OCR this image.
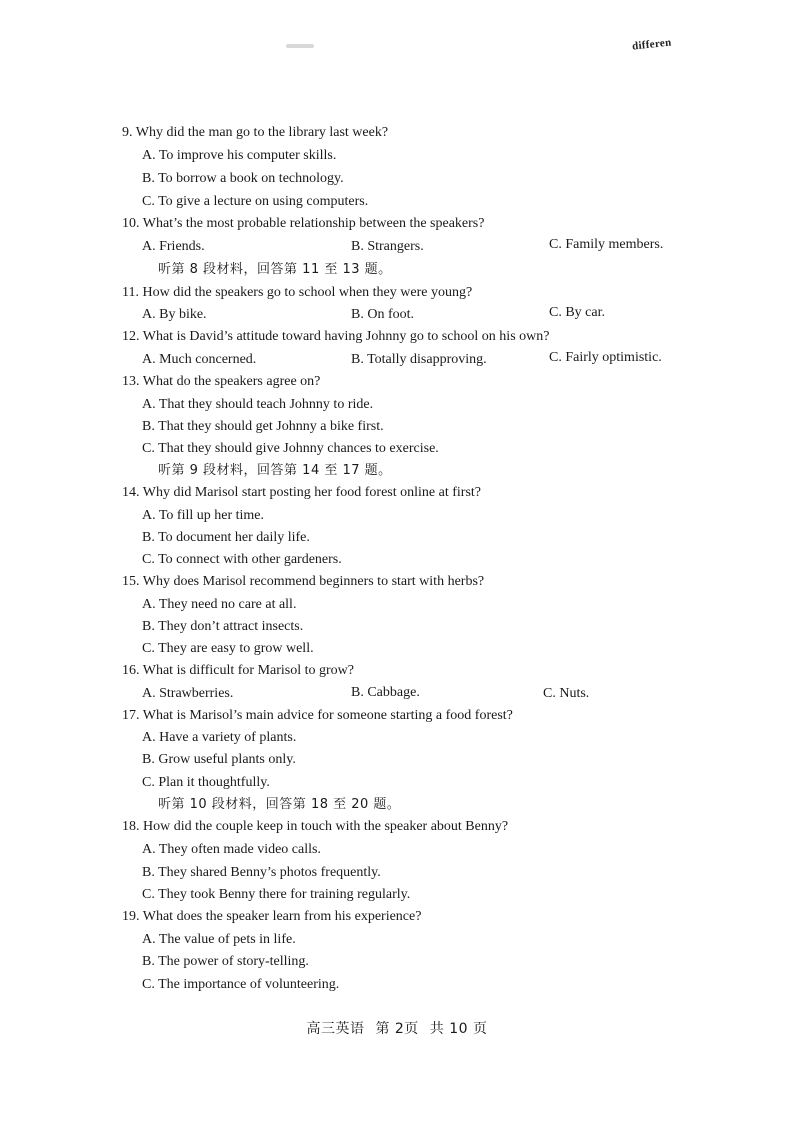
differen
9. Why did the man go to the library last week?
A. To improve his computer skills.
B. To borrow a book on technology.
C. To give a lecture on using computers.
10. What’s the most probable relationship between the speakers?
A. Friends.	B. Strangers.	C. Family members.
听第 8 段材料，回答第 11 至 13 题。
11. How did the speakers go to school when they were young?
A. By bike.	B. On foot.	C. By car.
12. What is David’s attitude toward having Johnny go to school on his own?
A. Much concerned.	B. Totally disapproving.	C. Fairly optimistic.
13. What do the speakers agree on?
A. That they should teach Johnny to ride.
B. That they should get Johnny a bike first.
C. That they should give Johnny chances to exercise.
听第 9 段材料，回答第 14 至 17 题。
14. Why did Marisol start posting her food forest online at first?
A. To fill up her time.
B. To document her daily life.
C. To connect with other gardeners.
15. Why does Marisol recommend beginners to start with herbs?
A. They need no care at all.
B. They don’t attract insects.
C. They are easy to grow well.
16. What is difficult for Marisol to grow?
A. Strawberries.	B. Cabbage.	C. Nuts.
17. What is Marisol’s main advice for someone starting a food forest?
A. Have a variety of plants.
B. Grow useful plants only.
C. Plan it thoughtfully.
听第 10 段材料，回答第 18 至 20 题。
18. How did the couple keep in touch with the speaker about Benny?
A. They often made video calls.
B. They shared Benny’s photos frequently.
C. They took Benny there for training regularly.
19. What does the speaker learn from his experience?
A. The value of pets in life.
B. The power of story-telling.
C. The importance of volunteering.
高三英语 第 2页 共 10 页
